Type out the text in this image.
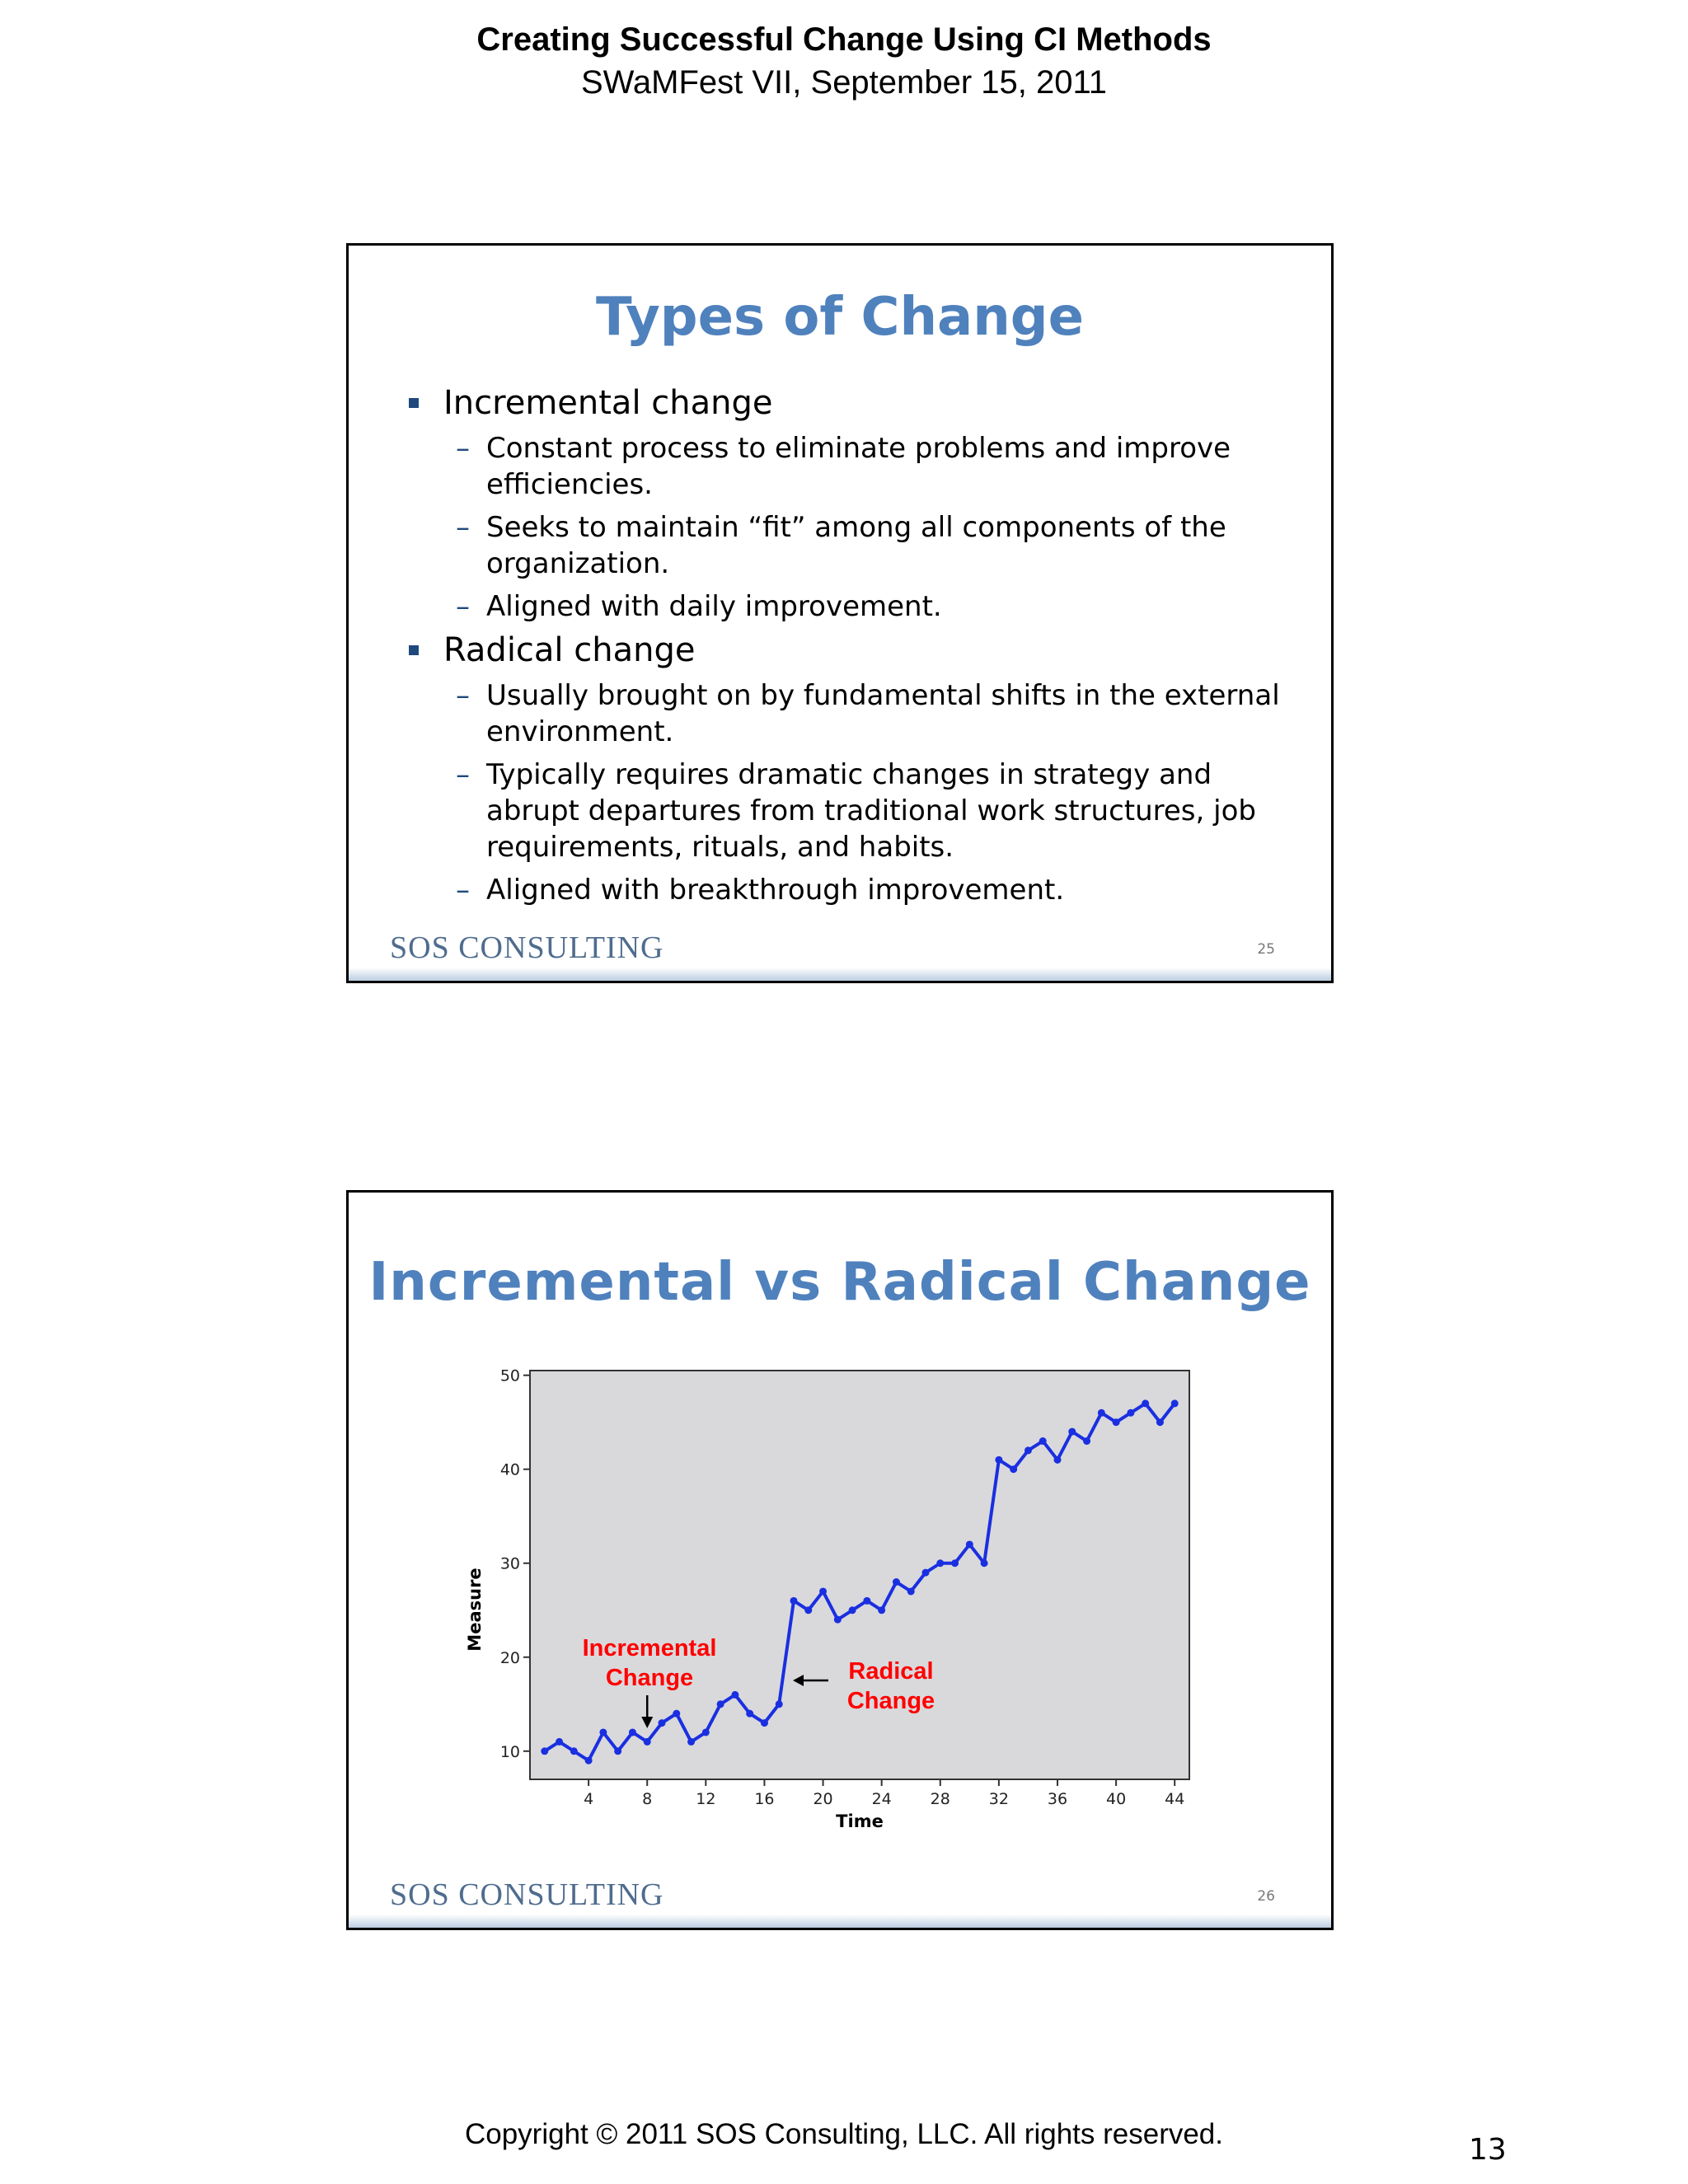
Creating Successful Change Using CI Methods
SWaMFest VII, September 15, 2011
Types of Change
Incremental change
– Constant process to eliminate problems and improve efficiencies.
– Seeks to maintain “fit” among all components of the organization.
– Aligned with daily improvement.
Radical change
– Usually brought on by fundamental shifts in the external environment.
– Typically requires dramatic changes in strategy and abrupt departures from traditional work structures, job requirements, rituals, and habits.
– Aligned with breakthrough improvement.
SOS CONSULTING	25
Incremental vs Radical Change
10
20
30
40
50
4	8	12 16 20 24 28 32 36 40 44
Time
Measure	Incremental
Change	Radical
Change
SOS CONSULTING	26
Copyright © 2011 SOS Consulting, LLC. All rights reserved.	13
